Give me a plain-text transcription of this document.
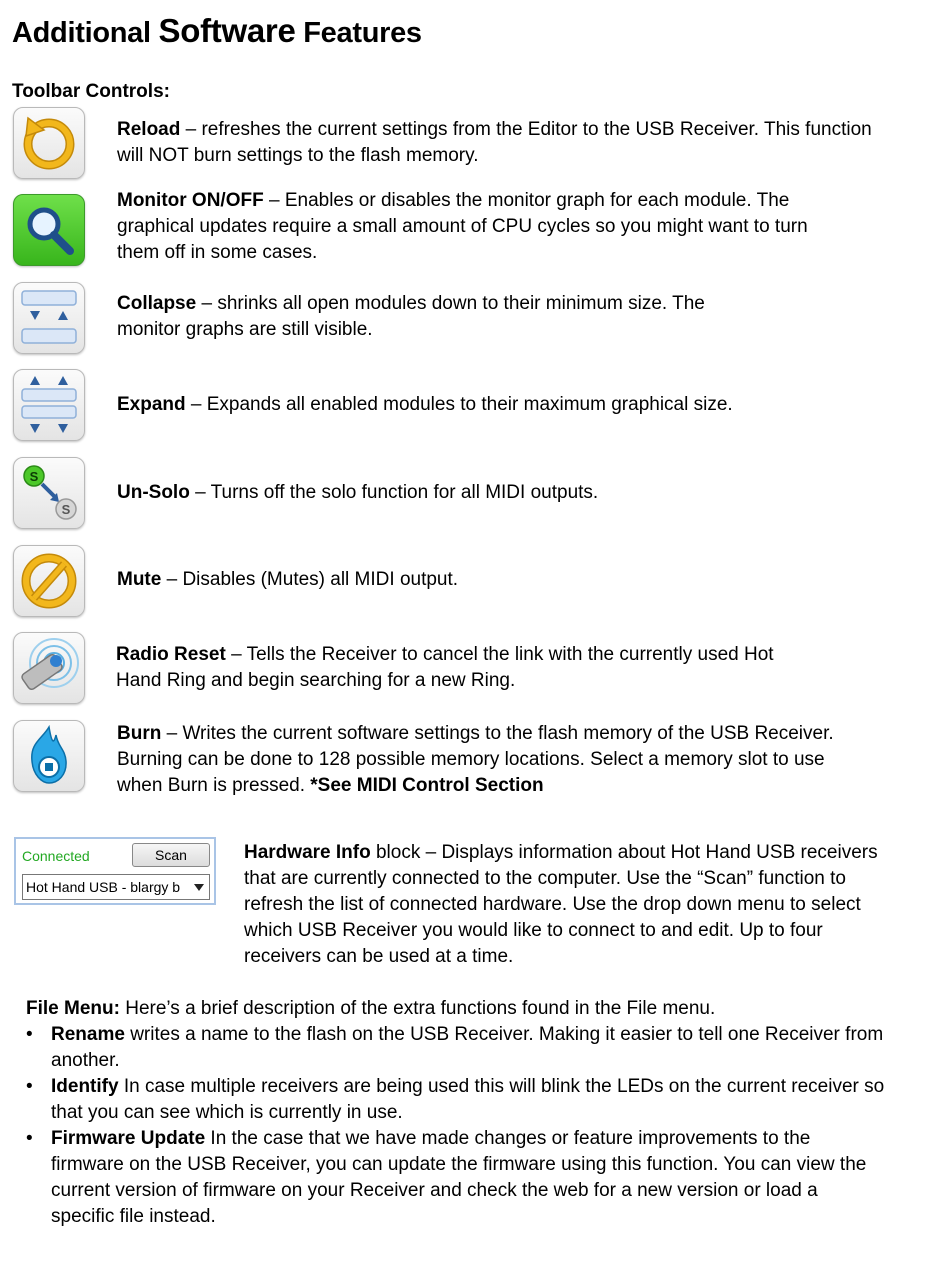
Additional Software Features
Toolbar Controls:
Reload – refreshes the current settings from the Editor to the USB Receiver. This function will NOT burn settings to the flash memory.
Monitor ON/OFF – Enables or disables the monitor graph for each module. The graphical updates require a small amount of CPU cycles so you might want to turn them off in some cases.
Collapse – shrinks all open modules down to their minimum size. The monitor graphs are still visible.
Expand – Expands all enabled modules to their maximum graphical size.
S
S
Un-Solo – Turns off the solo function for all MIDI outputs.
Mute – Disables (Mutes) all MIDI output.
Radio Reset – Tells the Receiver to cancel the link with the currently used Hot Hand Ring and begin searching for a new Ring.
Burn – Writes the current software settings to the flash memory of the USB Receiver. Burning can be done to 128 possible memory locations. Select a memory slot to use when Burn is pressed. *See MIDI Control Section
Connected	Scan
Hot Hand USB - blargy b
Hardware Info block – Displays information about Hot Hand USB receivers that are currently connected to the computer. Use the “Scan” function to refresh the list of connected hardware. Use the drop down menu to select which USB Receiver you would like to connect to and edit. Up to four receivers can be used at a time.
File Menu: Here’s a brief description of the extra functions found in the File menu.
• Rename writes a name to the flash on the USB Receiver. Making it easier to tell one Receiver from another.
• Identify In case multiple receivers are being used this will blink the LEDs on the current receiver so that you can see which is currently in use.
• Firmware Update In the case that we have made changes or feature improvements to the firmware on the USB Receiver, you can update the firmware using this function. You can view the current version of firmware on your Receiver and check the web for a new version or load a specific file instead.
